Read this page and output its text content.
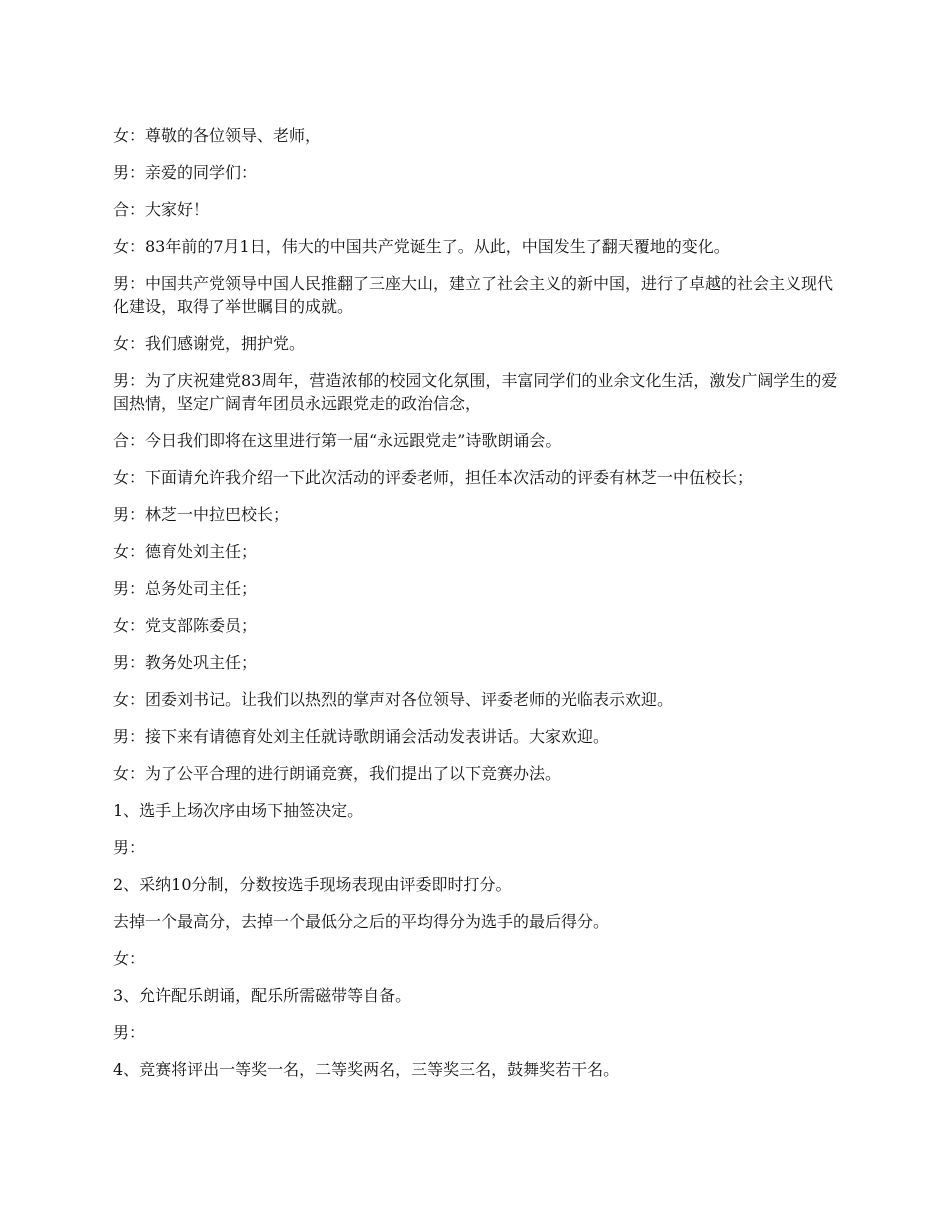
女：尊敬的各位领导、老师，

男：亲爱的同学们：

合：大家好！

女：83年前的7月1日，伟大的中国共产党诞生了。从此，中国发生了翻天覆地的变化。

男：中国共产党领导中国人民推翻了三座大山，建立了社会主义的新中国，进行了卓越的社会主义现代化建设，取得了举世瞩目的成就。

女：我们感谢党，拥护党。

男：为了庆祝建党83周年，营造浓郁的校园文化氛围，丰富同学们的业余文化生活，激发广阔学生的爱国热情，坚定广阔青年团员永远跟党走的政治信念，

合：今日我们即将在这里进行第一届“永远跟党走”诗歌朗诵会。

女：下面请允许我介绍一下此次活动的评委老师，担任本次活动的评委有林芝一中伍校长；

男：林芝一中拉巴校长；

女：德育处刘主任；

男：总务处司主任；

女：党支部陈委员；

男：教务处巩主任；

女：团委刘书记。让我们以热烈的掌声对各位领导、评委老师的光临表示欢迎。

男：接下来有请德育处刘主任就诗歌朗诵会活动发表讲话。大家欢迎。

女：为了公平合理的进行朗诵竞赛，我们提出了以下竞赛办法。

1、选手上场次序由场下抽签决定。

男：

2、采纳10分制，分数按选手现场表现由评委即时打分。

去掉一个最高分，去掉一个最低分之后的平均得分为选手的最后得分。

女：

3、允许配乐朗诵，配乐所需磁带等自备。

男：

4、竞赛将评出一等奖一名，二等奖两名，三等奖三名，鼓舞奖若干名。
